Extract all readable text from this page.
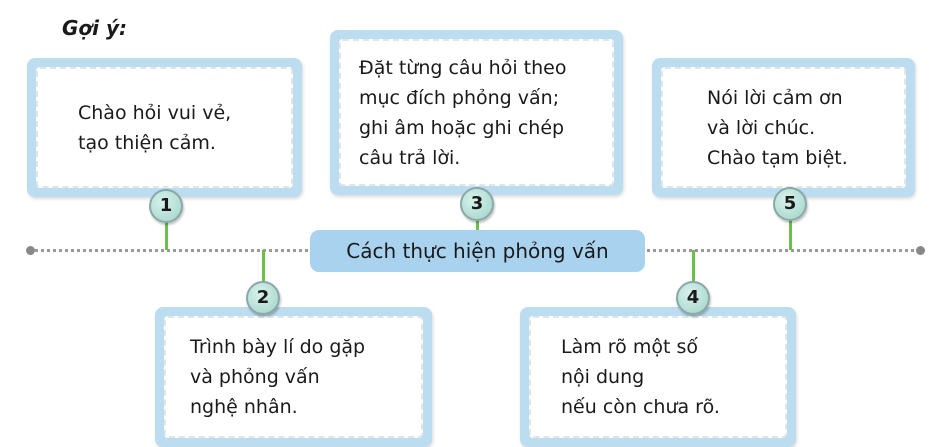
Gợi ý:
Chào hỏi vui vẻ,
tạo thiện cảm.
Đặt từng câu hỏi theo
mục đích phỏng vấn;
ghi âm hoặc ghi chép
câu trả lời.
Nói lời cảm ơn
và lời chúc.
Chào tạm biệt.
Trình bày lí do gặp
và phỏng vấn
nghệ nhân.
Làm rõ một số
nội dung
nếu còn chưa rõ.
Cách thực hiện phỏng vấn
1
2
3
4
5
